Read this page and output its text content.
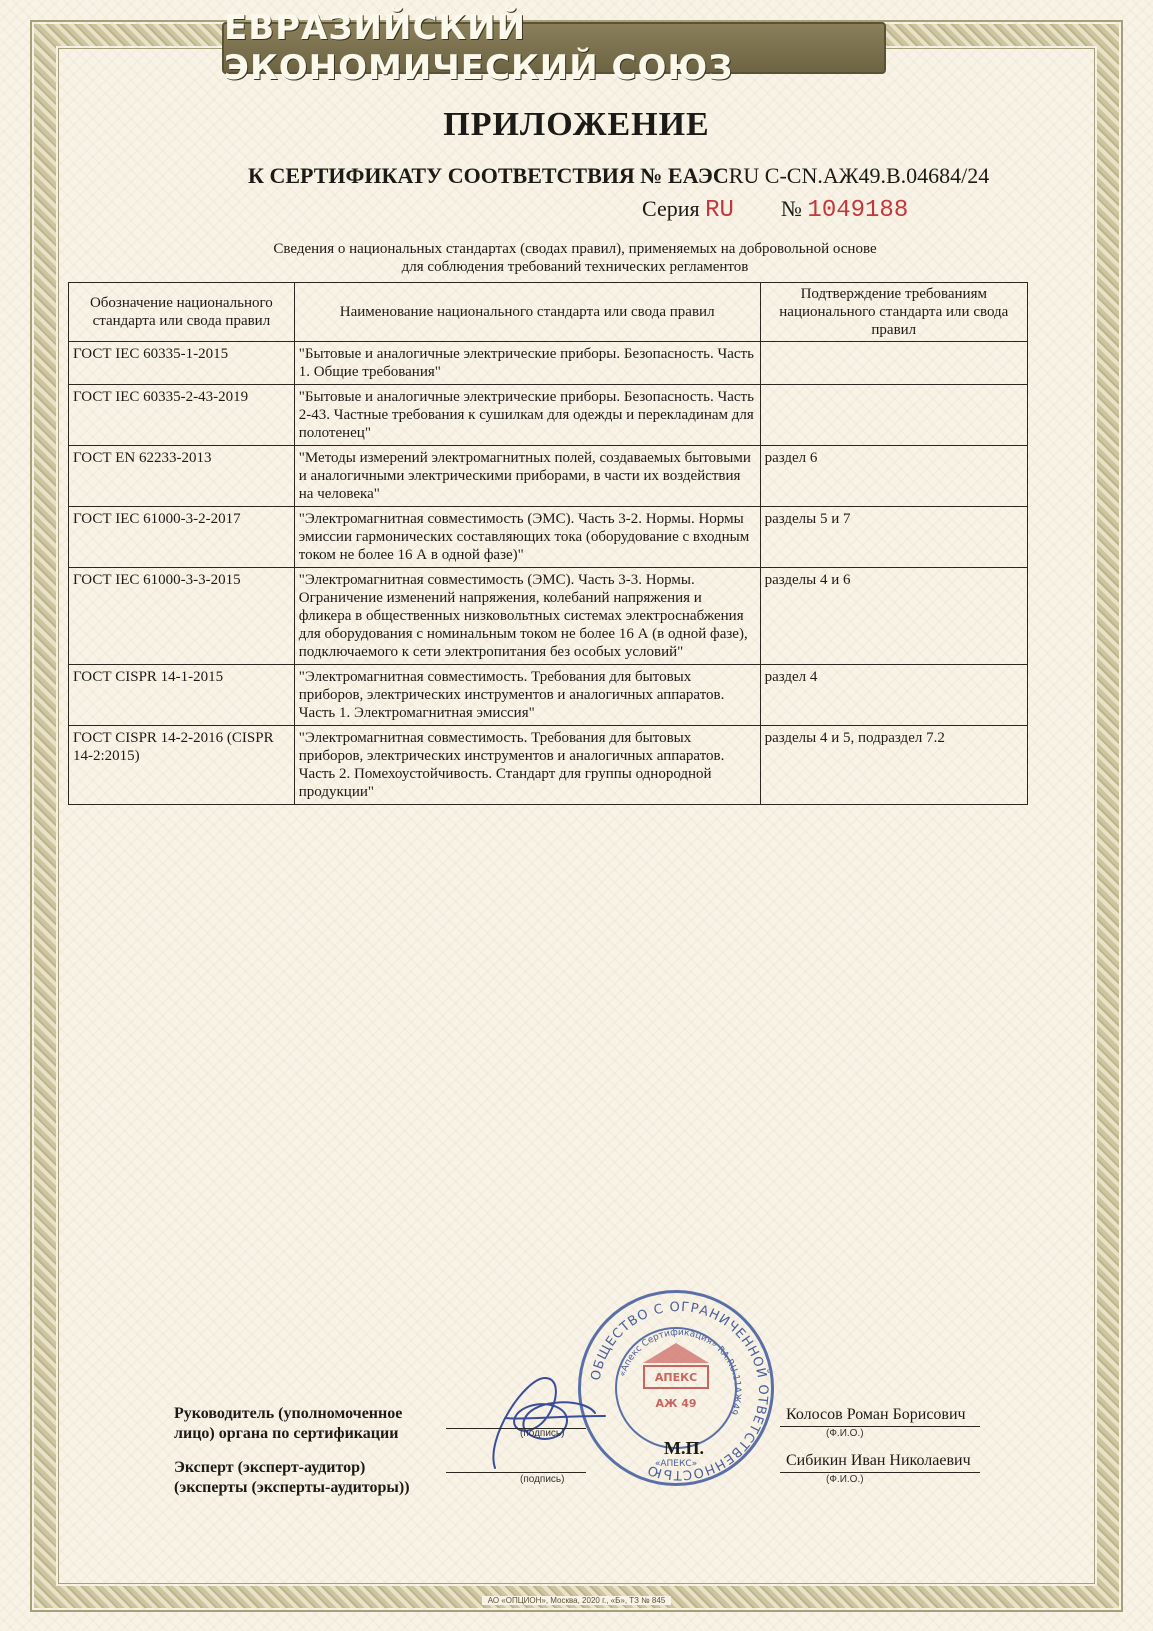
ЕВРАЗИЙСКИЙ ЭКОНОМИЧЕСКИЙ СОЮЗ
ПРИЛОЖЕНИЕ
К СЕРТИФИКАТУ СООТВЕТСТВИЯ № ЕАЭСRU C-CN.АЖ49.В.04684/24
Серия RU № 1049188
Сведения о национальных стандартах (сводах правил), применяемых на добровольной основе
для соблюдения требований технических регламентов
Обозначение национального стандарта или свода правил	Наименование национального стандарта или свода правил	Подтверждение требованиям национального стандарта или свода правил
ГОСТ IEC 60335-1-2015	"Бытовые и аналогичные электрические приборы. Безопасность. Часть 1. Общие требования"	
ГОСТ IEC 60335-2-43-2019	"Бытовые и аналогичные электрические приборы. Безопасность. Часть 2-43. Частные требования к сушилкам для одежды и перекладинам для полотенец"	
ГОСТ EN 62233-2013	"Методы измерений электромагнитных полей, создаваемых бытовыми и аналогичными электрическими приборами, в части их воздействия на человека"	раздел 6
ГОСТ IEC 61000-3-2-2017	"Электромагнитная совместимость (ЭМС). Часть 3-2. Нормы. Нормы эмиссии гармонических составляющих тока (оборудование с входным током не более 16 А в одной фазе)"	разделы 5 и 7
ГОСТ IEC 61000-3-3-2015	"Электромагнитная совместимость (ЭМС). Часть 3-3. Нормы. Ограничение изменений напряжения, колебаний напряжения и фликера в общественных низковольтных системах электроснабжения для оборудования с номинальным током не более 16 А (в одной фазе), подключаемого к сети электропитания без особых условий"	разделы 4 и 6
ГОСТ CISPR 14-1-2015	"Электромагнитная совместимость. Требования для бытовых приборов, электрических инструментов и аналогичных аппаратов. Часть 1. Электромагнитная эмиссия"	раздел 4
ГОСТ CISPR 14-2-2016 (CISPR 14-2:2015)	"Электромагнитная совместимость. Требования для бытовых приборов, электрических инструментов и аналогичных аппаратов. Часть 2. Помехоустойчивость. Стандарт для группы однородной продукции"	разделы 4 и 5, подраздел 7.2
ОБЩЕСТВО С ОГРАНИЧЕННОЙ ОТВЕТСТВЕННОСТЬЮ
«Апекс Сертификация» RA.RU.11АЖ49
АПЕКС
АЖ 49
«АПЕКС»
М.П.
Руководитель (уполномоченное
лицо) органа по сертификации	(подпись)
Колосов Роман Борисович
(Ф.И.О.)
Эксперт (эксперт-аудитор)
(эксперты (эксперты-аудиторы))	(подпись)
Сибикин Иван Николаевич
(Ф.И.О.)
АО «ОПЦИОН», Москва, 2020 г., «Б», ТЗ № 845
